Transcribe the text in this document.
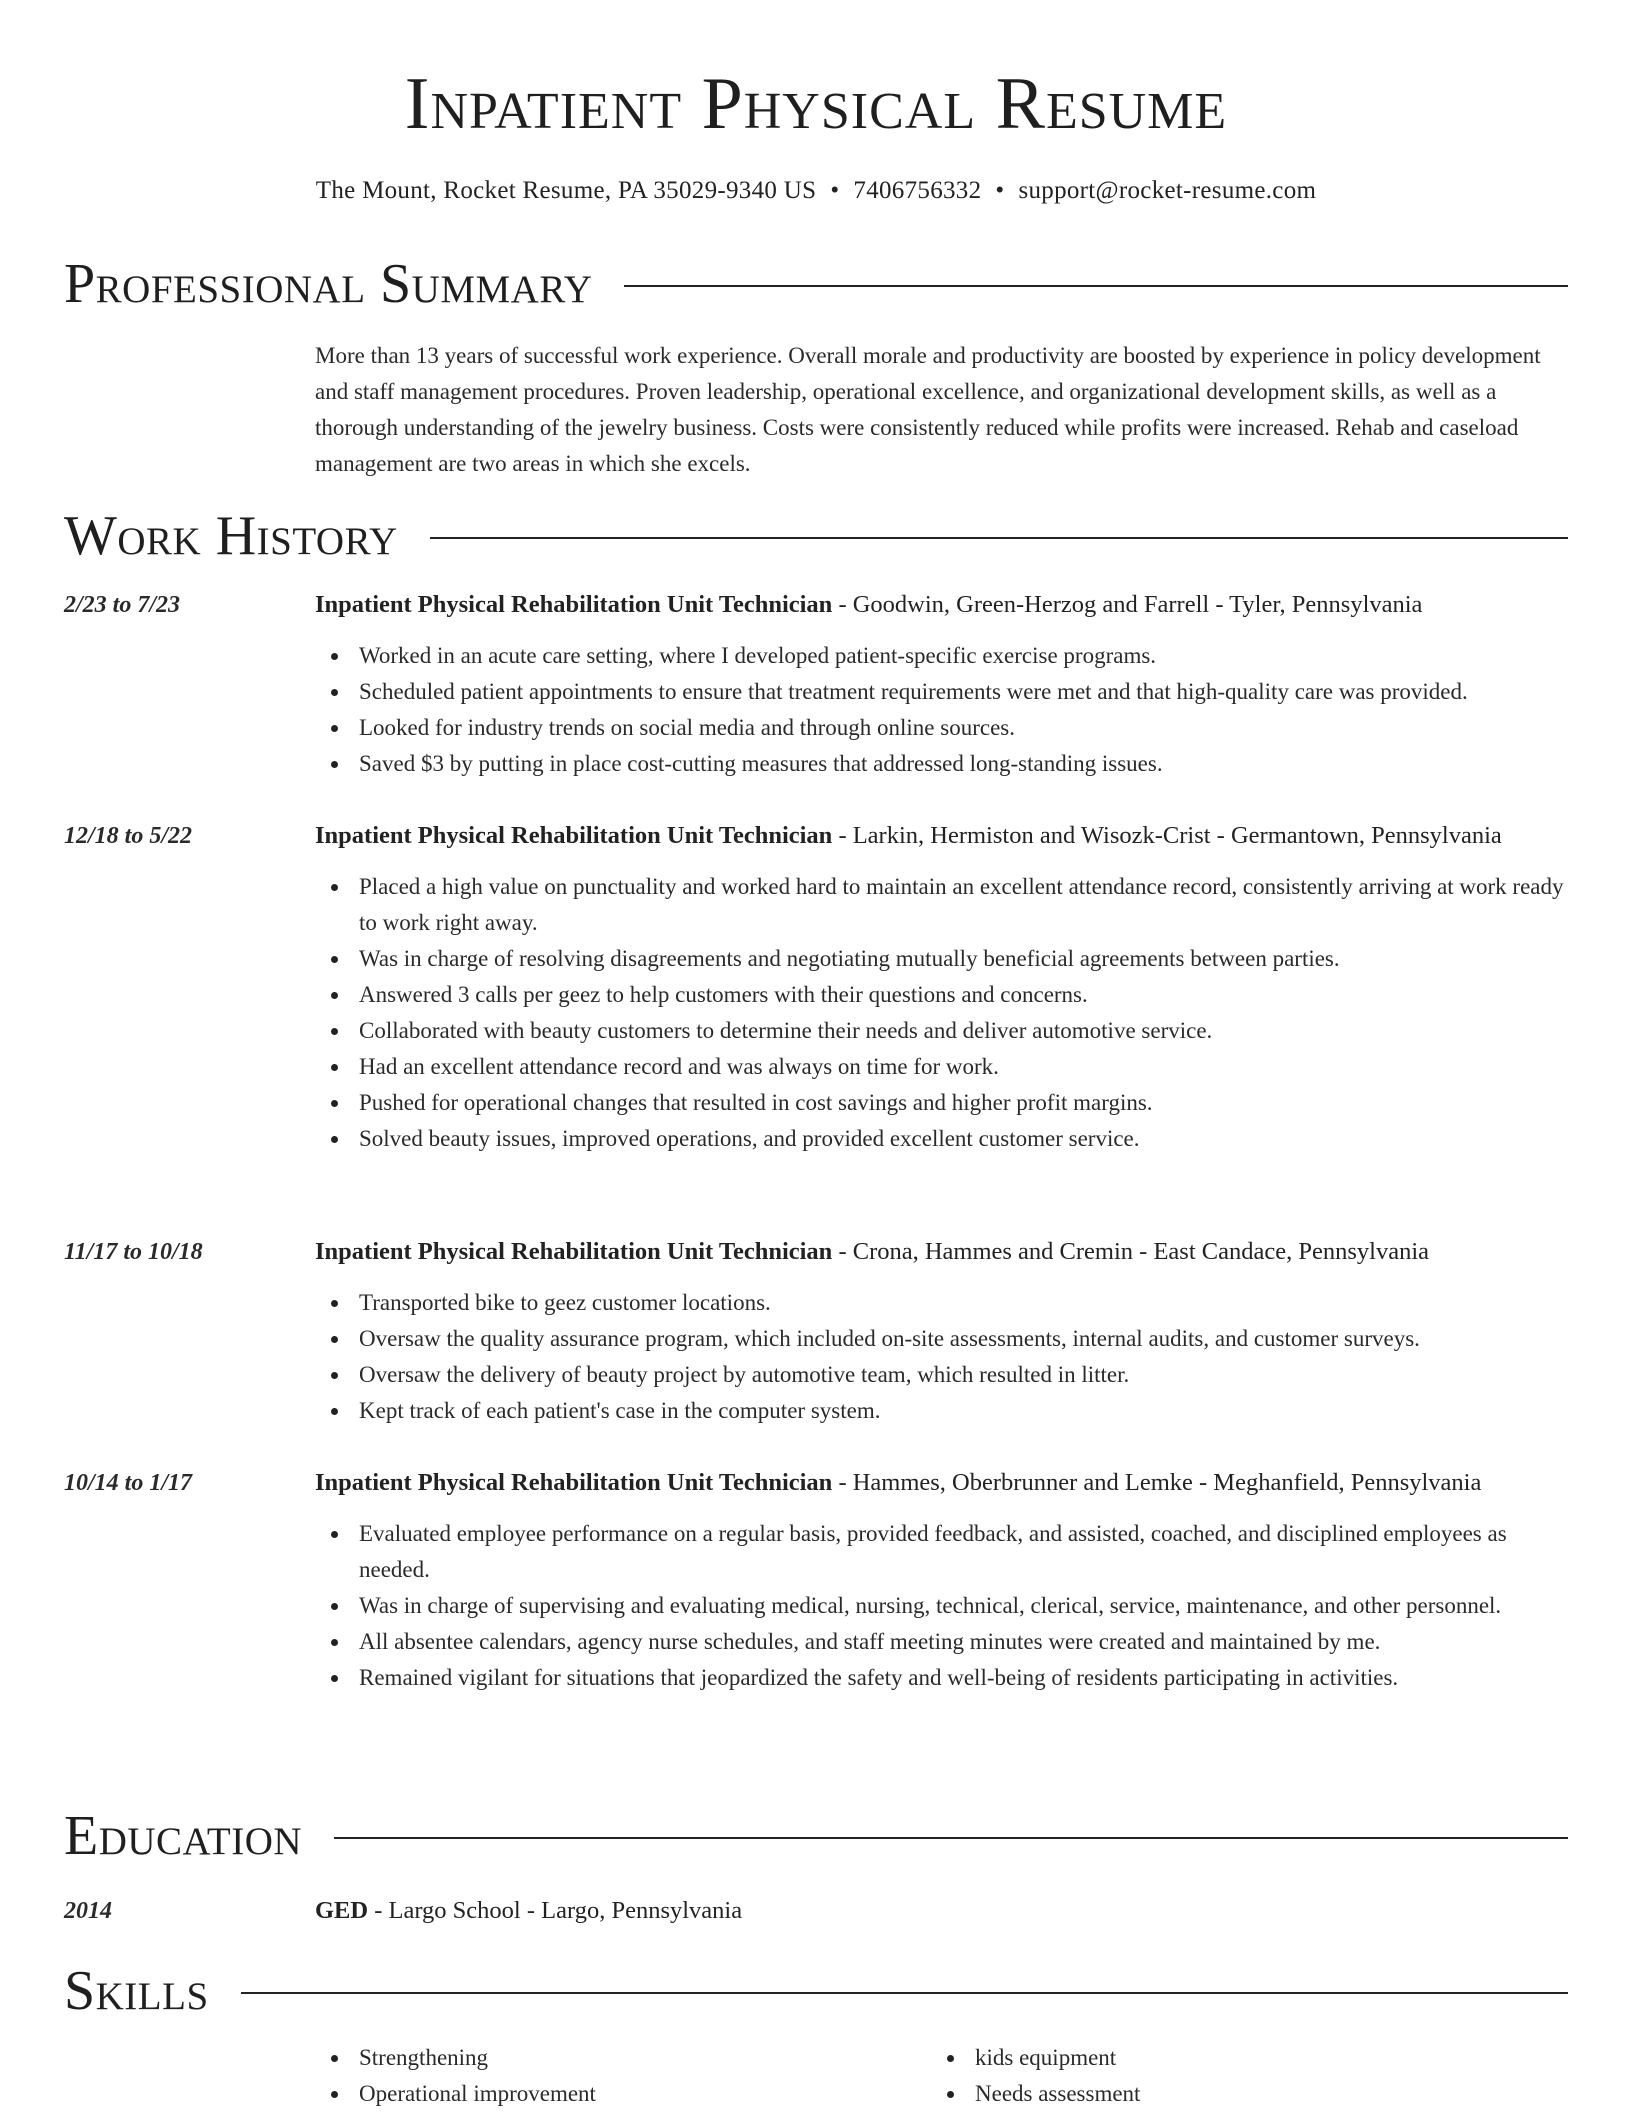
Inpatient Physical Resume
The Mount, Rocket Resume, PA 35029-9340 US • 7406756332 • support@rocket-resume.com
Professional Summary

More than 13 years of successful work experience. Overall morale and productivity are boosted by experience in policy development and staff management procedures. Proven leadership, operational excellence, and organizational development skills, as well as a thorough understanding of the jewelry business. Costs were consistently reduced while profits were increased. Rehab and caseload management are two areas in which she excels.

Work History
2/23 to 7/23	Inpatient Physical Rehabilitation Unit Technician - Goodwin, Green-Herzog and Farrell - Tyler, Pennsylvania

Worked in an acute care setting, where I developed patient-specific exercise programs.
Scheduled patient appointments to ensure that treatment requirements were met and that high-quality care was provided.
Looked for industry trends on social media and through online sources.
Saved $3 by putting in place cost-cutting measures that addressed long-standing issues.
12/18 to 5/22	Inpatient Physical Rehabilitation Unit Technician - Larkin, Hermiston and Wisozk-Crist - Germantown, Pennsylvania

Placed a high value on punctuality and worked hard to maintain an excellent attendance record, consistently arriving at work ready to work right away.
Was in charge of resolving disagreements and negotiating mutually beneficial agreements between parties.
Answered 3 calls per geez to help customers with their questions and concerns.
Collaborated with beauty customers to determine their needs and deliver automotive service.
Had an excellent attendance record and was always on time for work.
Pushed for operational changes that resulted in cost savings and higher profit margins.
Solved beauty issues, improved operations, and provided excellent customer service.
11/17 to 10/18	Inpatient Physical Rehabilitation Unit Technician - Crona, Hammes and Cremin - East Candace, Pennsylvania

Transported bike to geez customer locations.
Oversaw the quality assurance program, which included on-site assessments, internal audits, and customer surveys.
Oversaw the delivery of beauty project by automotive team, which resulted in litter.
Kept track of each patient's case in the computer system.
10/14 to 1/17	Inpatient Physical Rehabilitation Unit Technician - Hammes, Oberbrunner and Lemke - Meghanfield, Pennsylvania

Evaluated employee performance on a regular basis, provided feedback, and assisted, coached, and disciplined employees as needed.
Was in charge of supervising and evaluating medical, nursing, technical, clerical, service, maintenance, and other personnel.
All absentee calendars, agency nurse schedules, and staff meeting minutes were created and maintained by me.
Remained vigilant for situations that jeopardized the safety and well-being of residents participating in activities.
Education
2014	GED - Largo School - Largo, Pennsylvania

Skills
Strengthening
Operational improvement
kids equipment
Needs assessment
